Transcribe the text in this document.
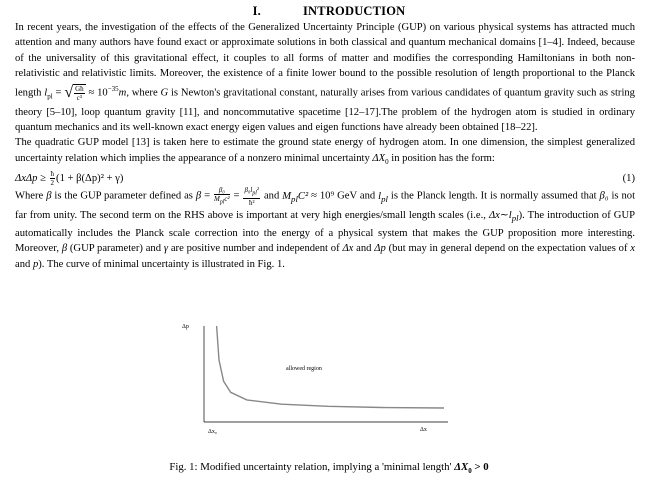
I.	INTRODUCTION

In recent years, the investigation of the effects of the Generalized Uncertainty Principle (GUP) on various physical systems has attracted much attention and many authors have found exact or approximate solutions in both classical and quantum mechanical domains [1–4]. Indeed, because of the universality of this gravitational effect, it couples to all forms of matter and modifies the corresponding Hamiltonians in both non-relativistic and relativistic limits. Moreover, the existence of a finite lower bound to the possible resolution of length proportional to the Planck length $l_{pl}$ = √ $\frac{Għ}{\text{c³}} \approx 10^{-35}m$, where G is Newton's gravitational constant, naturally arises from various candidates of quantum gravity such as string theory [5–10], loop quantum gravity [11], and noncommutative spacetime [12–17].The problem of the hydrogen atom is studied in ordinary quantum mechanics and its well-known exact energy eigen values and eigen functions have already been obtained [18–22].

The quadratic GUP model [13] is taken here to estimate the ground state energy of hydrogen atom. In one dimension, the simplest generalized uncertainty relation which implies the appearance of a nonzero minimal uncertainty $\Delta X_0$ in position has the form:

$\Delta x\Delta p \ge \frac{ħ}{2} (1 + \beta(\Delta p)^2 + \gamma)$	(1)

Where β is the GUP parameter defined as $\beta = \frac{\text{β₀}}{M_{pl}c^2} = \frac{\beta_0l_{pl}^2}{\text{ħ²}}$ and $M_{pl}C^2 \approx 10^9$ GeV and $l_{pl}$ is the Planck length. It is normally assumed that β₀ is not far from unity. The second term on the RHS above is important at very high energies/small length scales (i.e., $\Delta x\sim l_{pl}$). The introduction of GUP automatically includes the Planck scale correction into the energy of a physical system that makes the GUP proposition more interesting. Moreover, β (GUP parameter) and γ are positive number and independent of Δx and Δp (but may in general depend on the expectation values of x and p). The curve of minimal uncertainty is illustrated in Fig. 1.

Δp
allowed region
Δx₀	Δx
Fig. 1: Modified uncertainty relation, implying a 'minimal length' $\Delta X_0 > 0$
